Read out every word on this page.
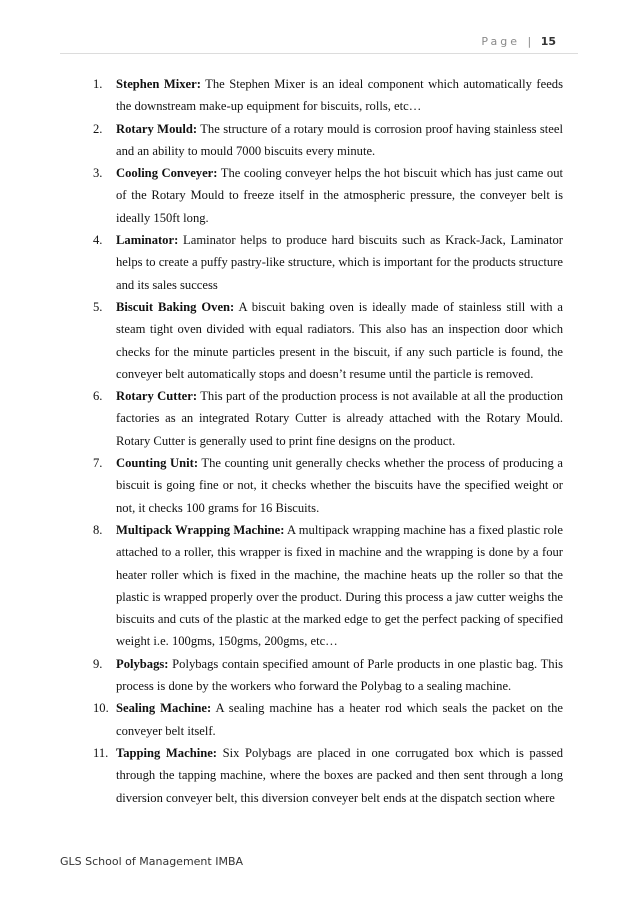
Page | 15
1. Stephen Mixer: The Stephen Mixer is an ideal component which automatically feeds the downstream make-up equipment for biscuits, rolls, etc…
2. Rotary Mould: The structure of a rotary mould is corrosion proof having stainless steel and an ability to mould 7000 biscuits every minute.
3. Cooling Conveyer: The cooling conveyer helps the hot biscuit which has just came out of the Rotary Mould to freeze itself in the atmospheric pressure, the conveyer belt is ideally 150ft long.
4. Laminator: Laminator helps to produce hard biscuits such as Krack-Jack, Laminator helps to create a puffy pastry-like structure, which is important for the products structure and its sales success
5. Biscuit Baking Oven: A biscuit baking oven is ideally made of stainless still with a steam tight oven divided with equal radiators. This also has an inspection door which checks for the minute particles present in the biscuit, if any such particle is found, the conveyer belt automatically stops and doesn’t resume until the particle is removed.
6. Rotary Cutter: This part of the production process is not available at all the production factories as an integrated Rotary Cutter is already attached with the Rotary Mould. Rotary Cutter is generally used to print fine designs on the product.
7. Counting Unit: The counting unit generally checks whether the process of producing a biscuit is going fine or not, it checks whether the biscuits have the specified weight or not, it checks 100 grams for 16 Biscuits.
8. Multipack Wrapping Machine: A multipack wrapping machine has a fixed plastic role attached to a roller, this wrapper is fixed in machine and the wrapping is done by a four heater roller which is fixed in the machine, the machine heats up the roller so that the plastic is wrapped properly over the product. During this process a jaw cutter weighs the biscuits and cuts of the plastic at the marked edge to get the perfect packing of specified weight i.e. 100gms, 150gms, 200gms, etc…
9. Polybags: Polybags contain specified amount of Parle products in one plastic bag. This process is done by the workers who forward the Polybag to a sealing machine.
10. Sealing Machine: A sealing machine has a heater rod which seals the packet on the conveyer belt itself.
11. Tapping Machine: Six Polybags are placed in one corrugated box which is passed through the tapping machine, where the boxes are packed and then sent through a long diversion conveyer belt, this diversion conveyer belt ends at the dispatch section where
GLS School of Management IMBA
